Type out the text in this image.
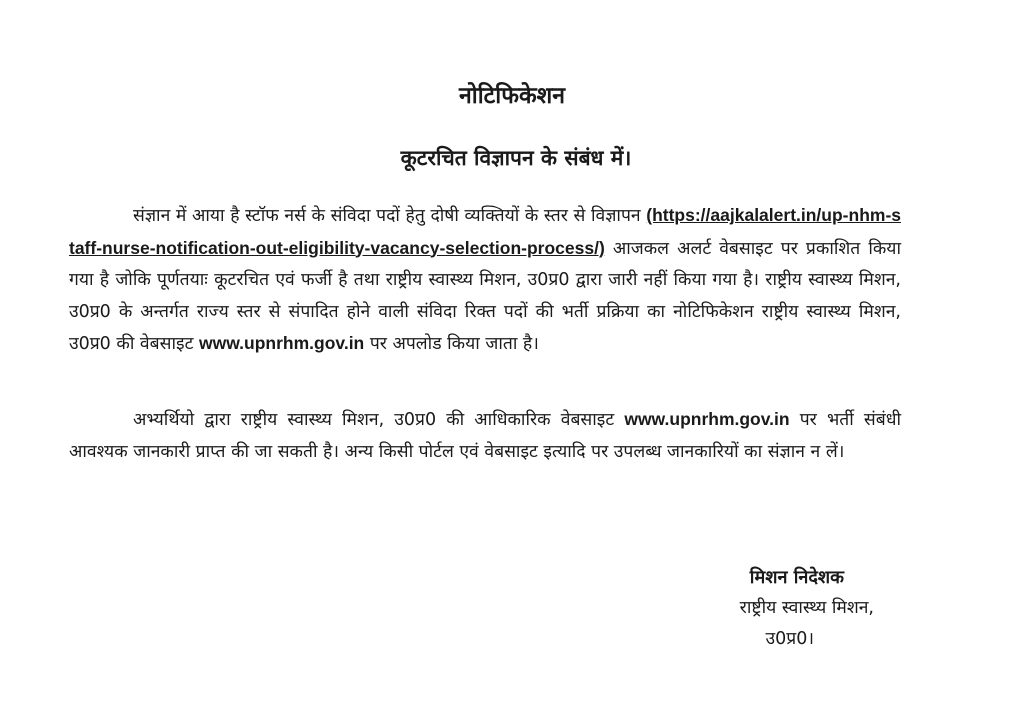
नोटिफिकेशन
कूटरचित विज्ञापन के संबंध में।

संज्ञान में आया है स्टॉफ नर्स के संविदा पदों हेतु दोषी व्यक्तियों के स्तर से विज्ञापन (https://aajkalalert.in/up-nhm-staff-nurse-notification-out-eligibility-vacancy-selection-process/) आजकल अलर्ट वेबसाइट पर प्रकाशित किया गया है जोकि पूर्णतयाः कूटरचित एवं फर्जी है तथा राष्ट्रीय स्वास्थ्य मिशन, उ0प्र0 द्वारा जारी नहीं किया गया है। राष्ट्रीय स्वास्थ्य मिशन, उ0प्र0 के अन्तर्गत राज्य स्तर से संपादित होने वाली संविदा रिक्त पदों की भर्ती प्रक्रिया का नोटिफिकेशन राष्ट्रीय स्वास्थ्य मिशन, उ0प्र0 की वेबसाइट www.upnrhm.gov.in पर अपलोड किया जाता है।

अभ्यर्थियो द्वारा राष्ट्रीय स्वास्थ्य मिशन, उ0प्र0 की आधिकारिक वेबसाइट www.upnrhm.gov.in पर भर्ती संबंधी आवश्यक जानकारी प्राप्त की जा सकती है। अन्य किसी पोर्टल एवं वेबसाइट इत्यादि पर उपलब्ध जानकारियों का संज्ञान न लें।

मिशन निदेशक
राष्ट्रीय स्वास्थ्य मिशन,
उ0प्र0।
